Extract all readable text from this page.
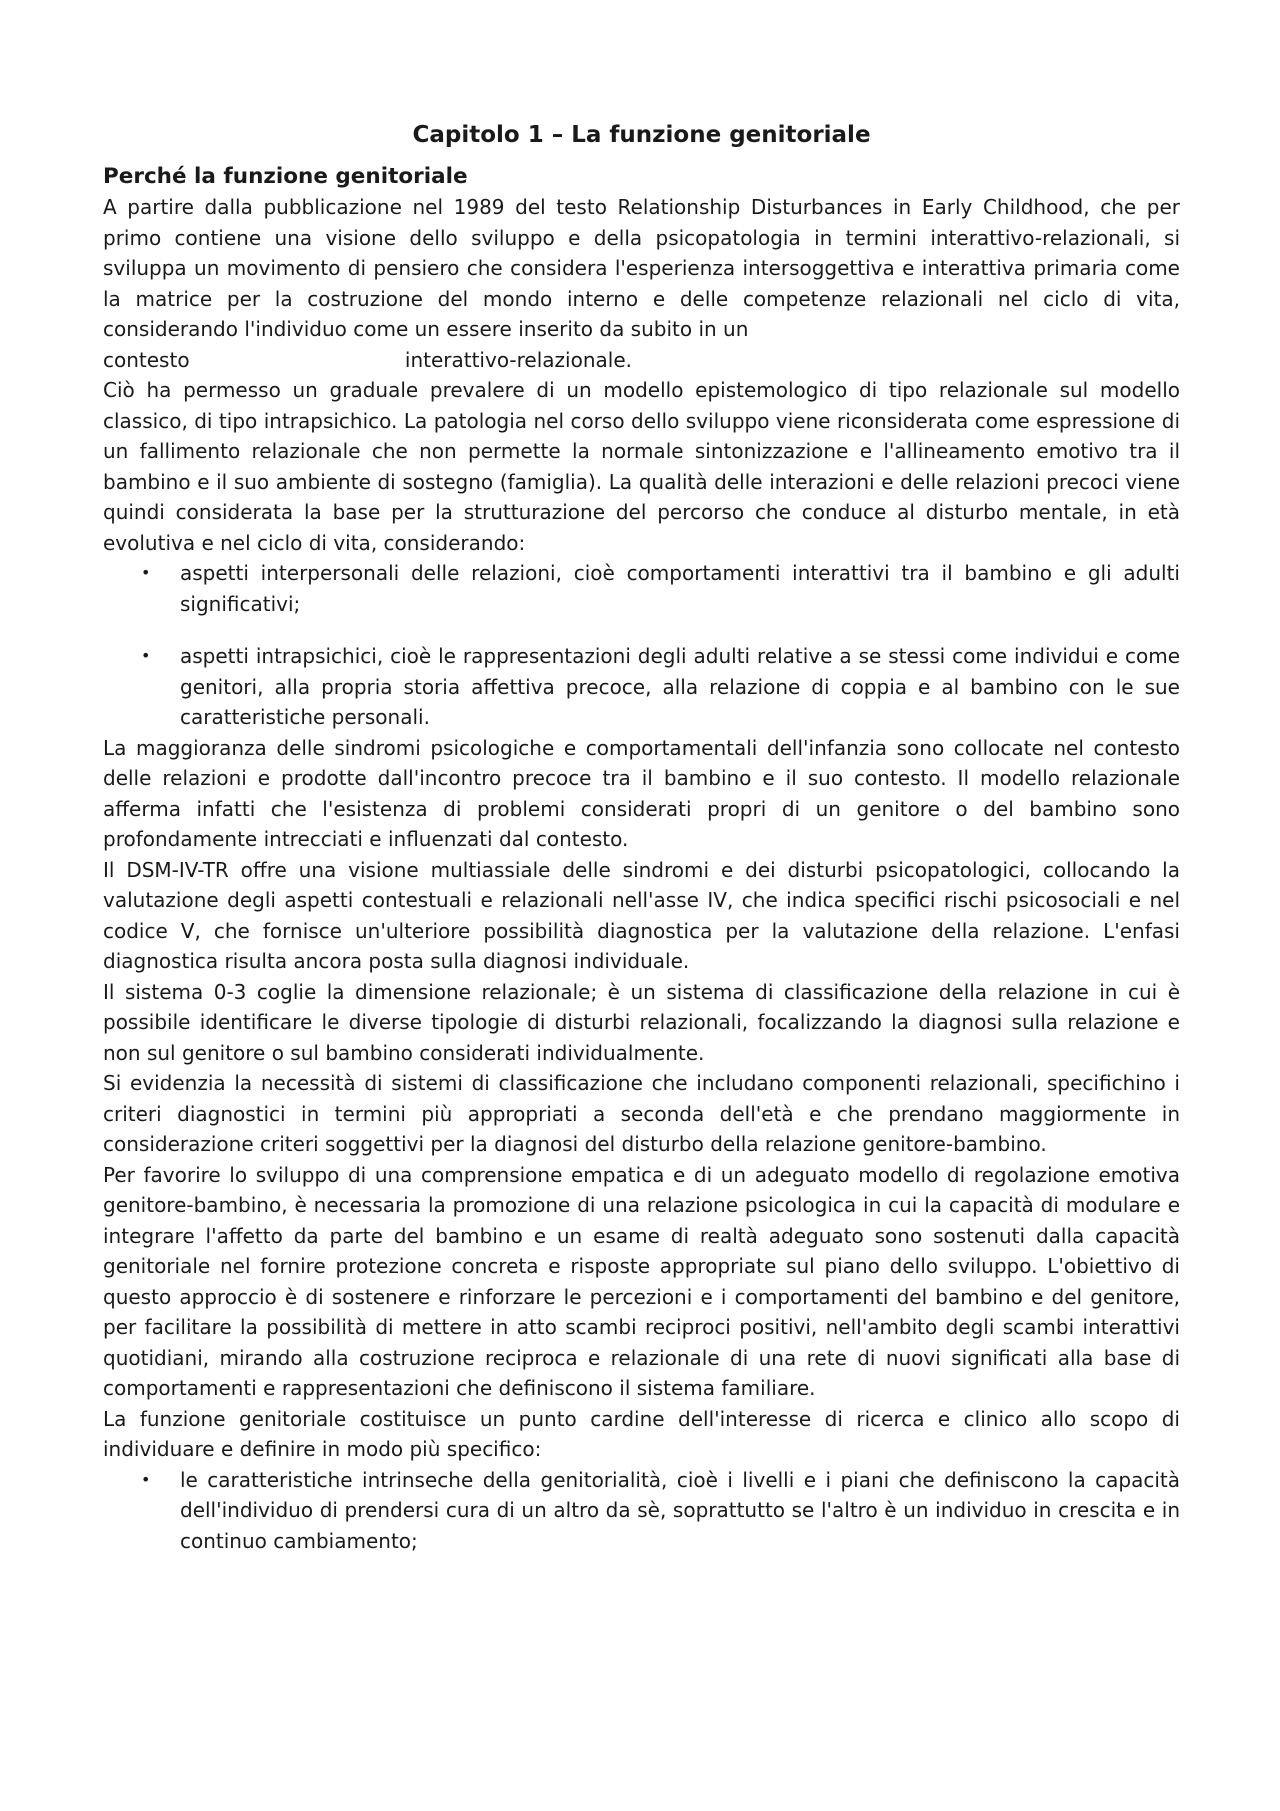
Capitolo 1 – La funzione genitoriale
Perché la funzione genitoriale

A partire dalla pubblicazione nel 1989 del testo Relationship Disturbances in Early Childhood, che per primo contiene una visione dello sviluppo e della psicopatologia in termini interattivo-relazionali, si sviluppa un movimento di pensiero che considera l'esperienza intersoggettiva e interattiva primaria come la matrice per la costruzione del mondo interno e delle competenze relazionali nel ciclo di vita, considerando l'individuo come un essere inserito da subito in un

contesto	interattivo-relazionale.

Ciò ha permesso un graduale prevalere di un modello epistemologico di tipo relazionale sul modello classico, di tipo intrapsichico. La patologia nel corso dello sviluppo viene riconsiderata come espressione di un fallimento relazionale che non permette la normale sintonizzazione e l'allineamento emotivo tra il bambino e il suo ambiente di sostegno (famiglia). La qualità delle interazioni e delle relazioni precoci viene quindi considerata la base per la strutturazione del percorso che conduce al disturbo mentale, in età evolutiva e nel ciclo di vita, considerando:

• aspetti interpersonali delle relazioni, cioè comportamenti interattivi tra il bambino e gli adulti significativi;
• aspetti intrapsichici, cioè le rappresentazioni degli adulti relative a se stessi come individui e come genitori, alla propria storia affettiva precoce, alla relazione di coppia e al bambino con le sue caratteristiche personali.

La maggioranza delle sindromi psicologiche e comportamentali dell'infanzia sono collocate nel contesto delle relazioni e prodotte dall'incontro precoce tra il bambino e il suo contesto. Il modello relazionale afferma infatti che l'esistenza di problemi considerati propri di un genitore o del bambino sono profondamente intrecciati e influenzati dal contesto.

Il DSM-IV-TR offre una visione multiassiale delle sindromi e dei disturbi psicopatologici, collocando la valutazione degli aspetti contestuali e relazionali nell'asse IV, che indica specifici rischi psicosociali e nel codice V, che fornisce un'ulteriore possibilità diagnostica per la valutazione della relazione. L'enfasi diagnostica risulta ancora posta sulla diagnosi individuale.

Il sistema 0-3 coglie la dimensione relazionale; è un sistema di classificazione della relazione in cui è possibile identificare le diverse tipologie di disturbi relazionali, focalizzando la diagnosi sulla relazione e non sul genitore o sul bambino considerati individualmente.

Si evidenzia la necessità di sistemi di classificazione che includano componenti relazionali, specifichino i criteri diagnostici in termini più appropriati a seconda dell'età e che prendano maggiormente in considerazione criteri soggettivi per la diagnosi del disturbo della relazione genitore-bambino.

Per favorire lo sviluppo di una comprensione empatica e di un adeguato modello di regolazione emotiva genitore-bambino, è necessaria la promozione di una relazione psicologica in cui la capacità di modulare e integrare l'affetto da parte del bambino e un esame di realtà adeguato sono sostenuti dalla capacità genitoriale nel fornire protezione concreta e risposte appropriate sul piano dello sviluppo. L'obiettivo di questo approccio è di sostenere e rinforzare le percezioni e i comportamenti del bambino e del genitore, per facilitare la possibilità di mettere in atto scambi reciproci positivi, nell'ambito degli scambi interattivi quotidiani, mirando alla costruzione reciproca e relazionale di una rete di nuovi significati alla base di comportamenti e rappresentazioni che definiscono il sistema familiare.

La funzione genitoriale costituisce un punto cardine dell'interesse di ricerca e clinico allo scopo di individuare e definire in modo più specifico:

• le caratteristiche intrinseche della genitorialità, cioè i livelli e i piani che definiscono la capacità dell'individuo di prendersi cura di un altro da sè, soprattutto se l'altro è un individuo in crescita e in continuo cambiamento;
